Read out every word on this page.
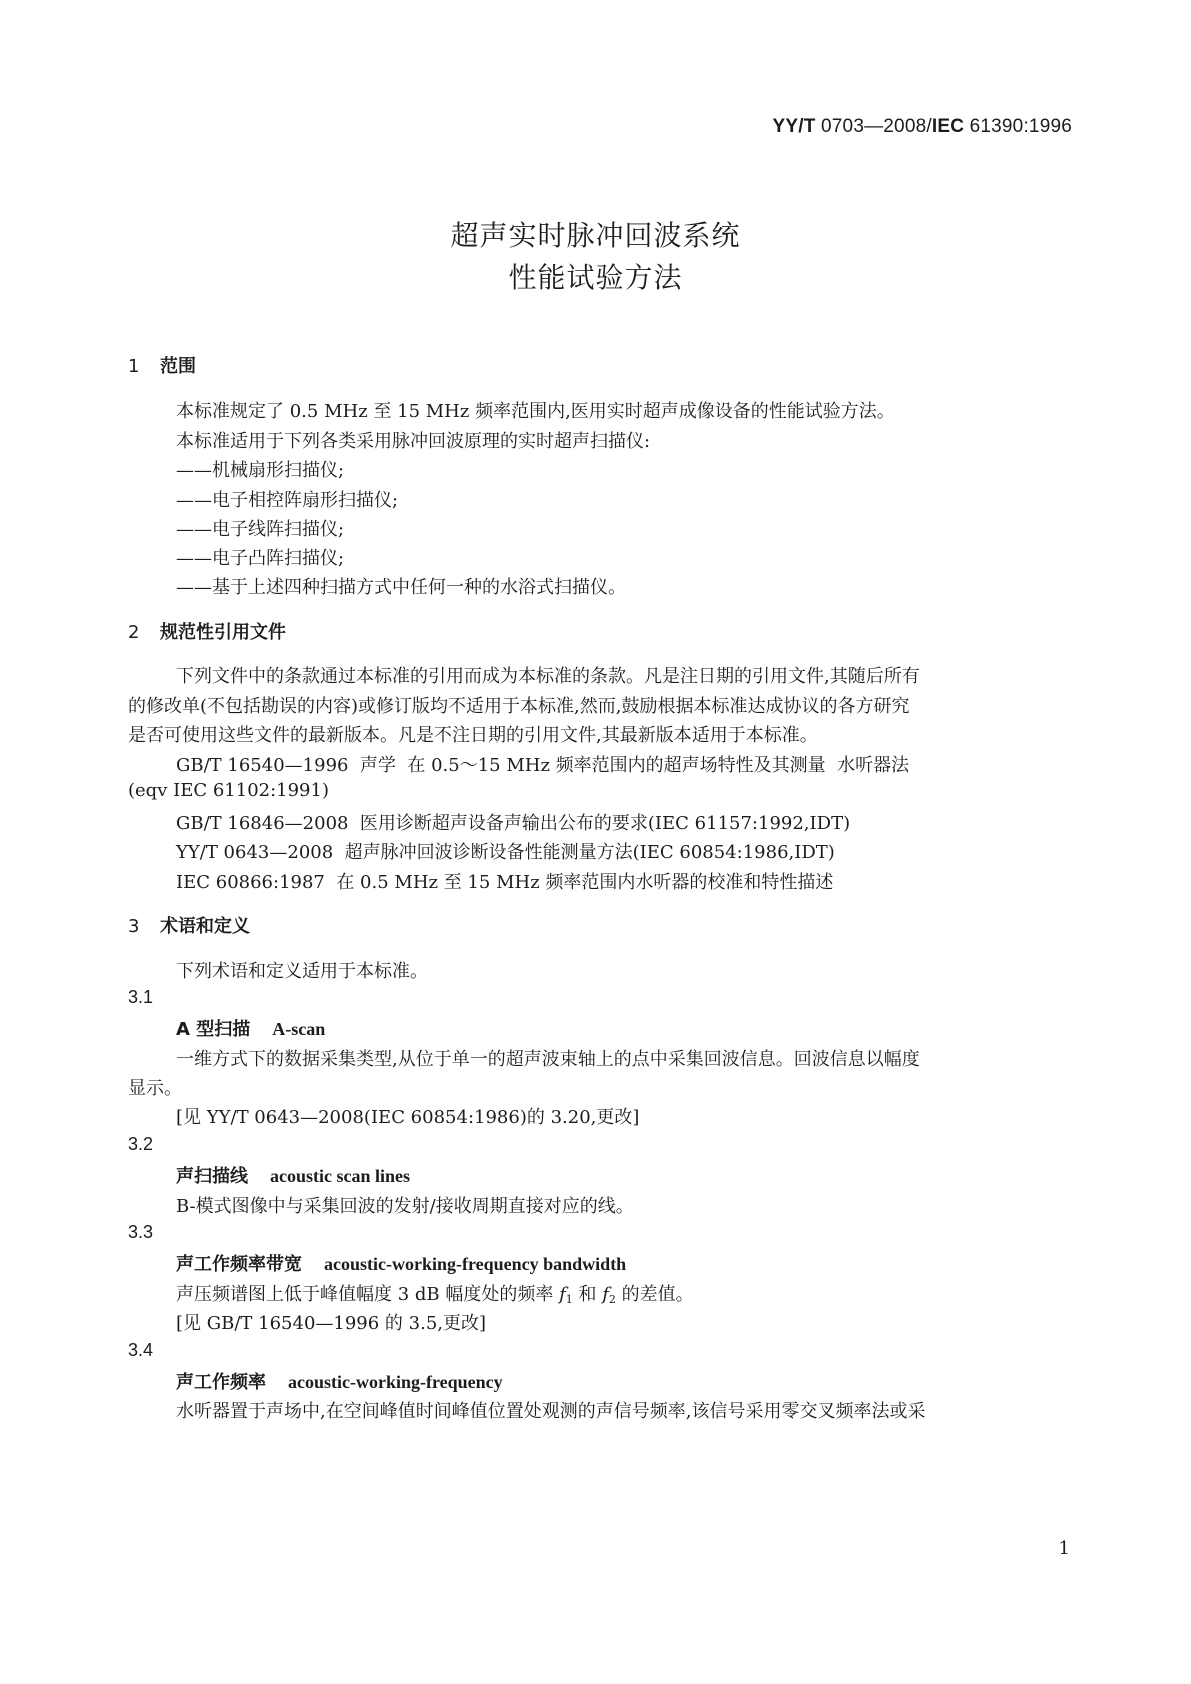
YY/T 0703—2008/IEC 61390:1996
超声实时脉冲回波系统
性能试验方法
1 范围
本标准规定了 0.5 MHz 至 15 MHz 频率范围内,医用实时超声成像设备的性能试验方法。
本标准适用于下列各类采用脉冲回波原理的实时超声扫描仪:
——机械扇形扫描仪;
——电子相控阵扇形扫描仪;
——电子线阵扫描仪;
——电子凸阵扫描仪;
——基于上述四种扫描方式中任何一种的水浴式扫描仪。
2 规范性引用文件
下列文件中的条款通过本标准的引用而成为本标准的条款。凡是注日期的引用文件,其随后所有
的修改单(不包括勘误的内容)或修订版均不适用于本标准,然而,鼓励根据本标准达成协议的各方研究
是否可使用这些文件的最新版本。凡是不注日期的引用文件,其最新版本适用于本标准。
GB/T 16540—1996  声学  在 0.5～15 MHz 频率范围内的超声场特性及其测量  水听器法
(eqv IEC 61102:1991)
GB/T 16846—2008  医用诊断超声设备声输出公布的要求(IEC 61157:1992,IDT)
YY/T 0643—2008  超声脉冲回波诊断设备性能测量方法(IEC 60854:1986,IDT)
IEC 60866:1987  在 0.5 MHz 至 15 MHz 频率范围内水听器的校准和特性描述
3 术语和定义
下列术语和定义适用于本标准。
3.1
A 型扫描 A-scan
一维方式下的数据采集类型,从位于单一的超声波束轴上的点中采集回波信息。回波信息以幅度
显示。
[见 YY/T 0643—2008(IEC 60854:1986)的 3.20,更改]
3.2
声扫描线 acoustic scan lines
B-模式图像中与采集回波的发射/接收周期直接对应的线。
3.3
声工作频率带宽 acoustic-working-frequency bandwidth
声压频谱图上低于峰值幅度 3 dB 幅度处的频率 $f_1$ 和 $f_2$ 的差值。
[见 GB/T 16540—1996 的 3.5,更改]
3.4
声工作频率 acoustic-working-frequency
水听器置于声场中,在空间峰值时间峰值位置处观测的声信号频率,该信号采用零交叉频率法或采
1
